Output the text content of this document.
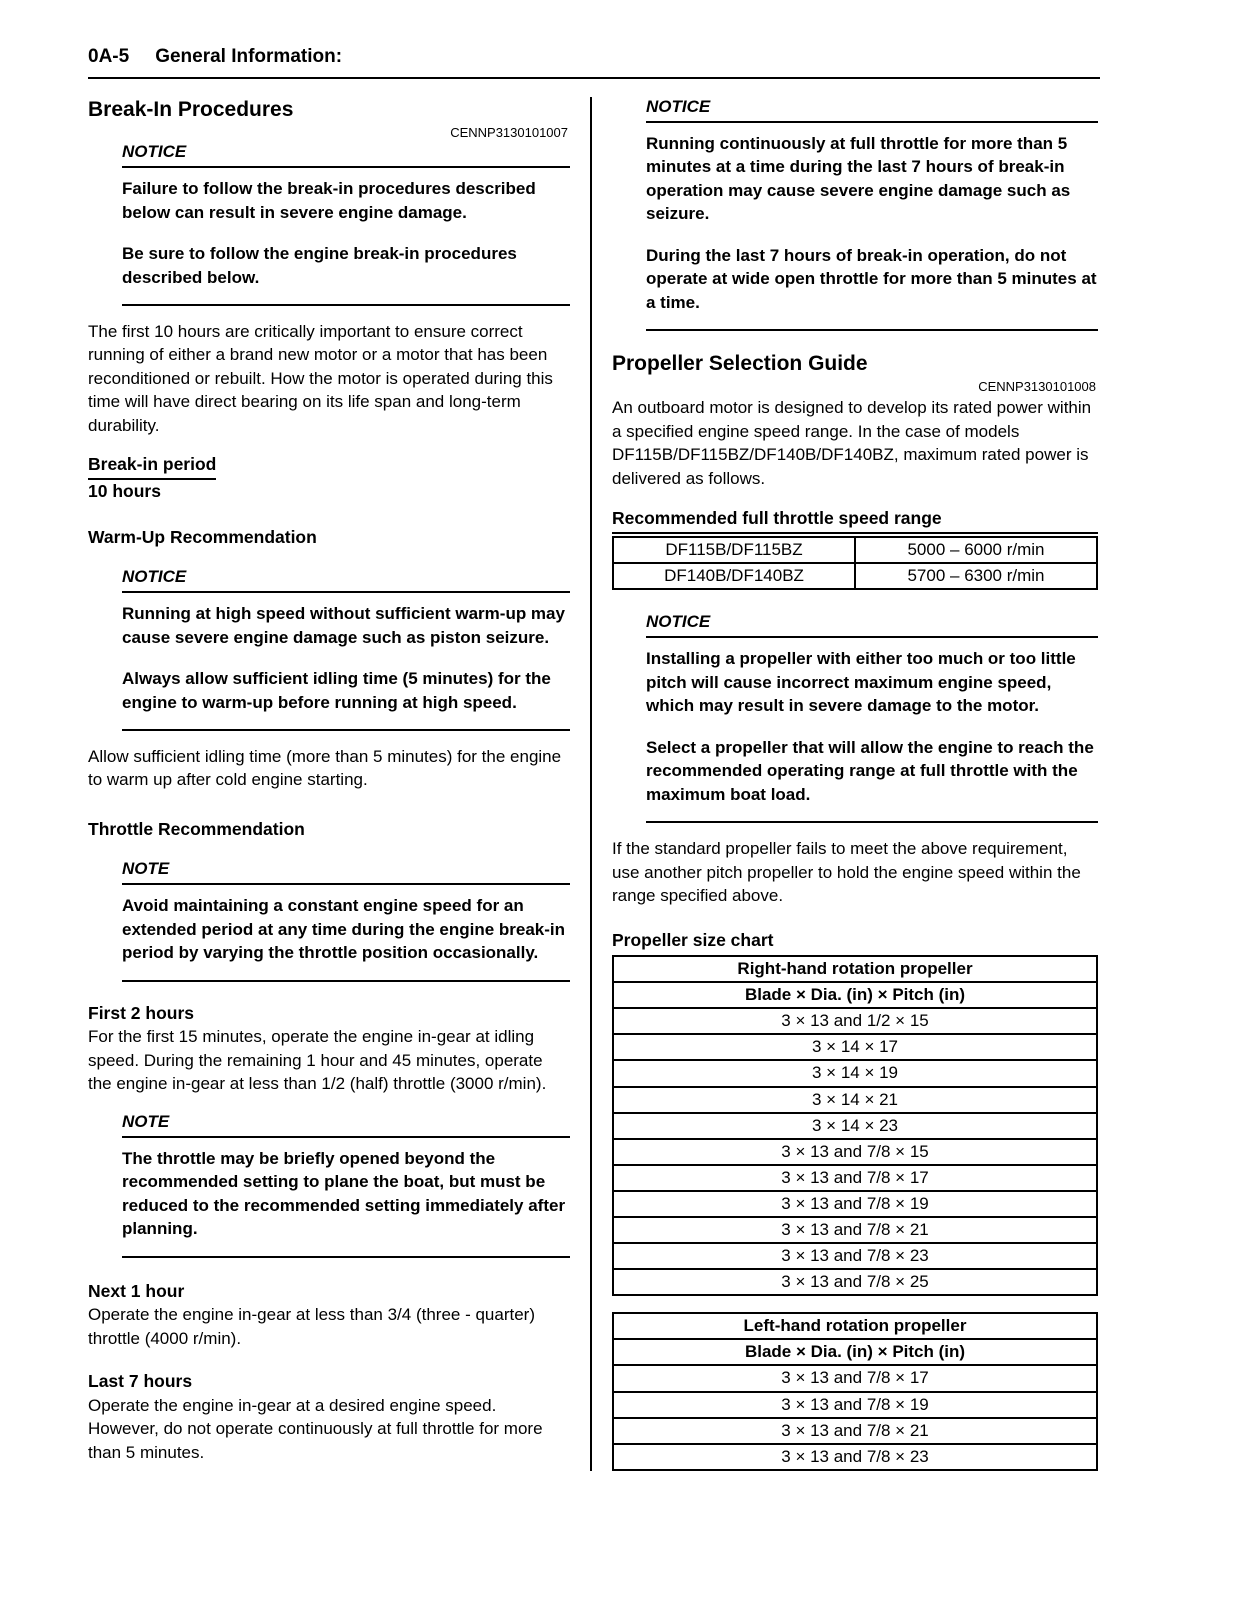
0A-5 General Information:
Break-In Procedures
CENNP3130101007
NOTICE

Failure to follow the break-in procedures described below can result in severe engine damage.

Be sure to follow the engine break-in procedures described below.

The first 10 hours are critically important to ensure correct running of either a brand new motor or a motor that has been reconditioned or rebuilt. How the motor is operated during this time will have direct bearing on its life span and long-term durability.

Break-in period
10 hours
Warm-Up Recommendation
NOTICE

Running at high speed without sufficient warm-up may cause severe engine damage such as piston seizure.

Always allow sufficient idling time (5 minutes) for the engine to warm-up before running at high speed.

Allow sufficient idling time (more than 5 minutes) for the engine to warm up after cold engine starting.

Throttle Recommendation
NOTE

Avoid maintaining a constant engine speed for an extended period at any time during the engine break-in period by varying the throttle position occasionally.

First 2 hours

For the first 15 minutes, operate the engine in-gear at idling speed. During the remaining 1 hour and 45 minutes, operate the engine in-gear at less than 1/2 (half) throttle (3000 r/min).

NOTE

The throttle may be briefly opened beyond the recommended setting to plane the boat, but must be reduced to the recommended setting immediately after planning.

Next 1 hour

Operate the engine in-gear at less than 3/4 (three - quarter) throttle (4000 r/min).

Last 7 hours

Operate the engine in-gear at a desired engine speed. However, do not operate continuously at full throttle for more than 5 minutes.

NOTICE

Running continuously at full throttle for more than 5 minutes at a time during the last 7 hours of break-in operation may cause severe engine damage such as seizure.

During the last 7 hours of break-in operation, do not operate at wide open throttle for more than 5 minutes at a time.

Propeller Selection Guide
CENNP3130101008

An outboard motor is designed to develop its rated power within a specified engine speed range. In the case of models DF115B/DF115BZ/DF140B/DF140BZ, maximum rated power is delivered as follows.

Recommended full throttle speed range
DF115B/DF115BZ	5000 – 6000 r/min
DF140B/DF140BZ	5700 – 6300 r/min
NOTICE

Installing a propeller with either too much or too little pitch will cause incorrect maximum engine speed, which may result in severe damage to the motor.

Select a propeller that will allow the engine to reach the recommended operating range at full throttle with the maximum boat load.

If the standard propeller fails to meet the above requirement, use another pitch propeller to hold the engine speed within the range specified above.

Propeller size chart
Right-hand rotation propeller
Blade × Dia. (in) × Pitch (in)
3 × 13 and 1/2 × 15
3 × 14 × 17
3 × 14 × 19
3 × 14 × 21
3 × 14 × 23
3 × 13 and 7/8 × 15
3 × 13 and 7/8 × 17
3 × 13 and 7/8 × 19
3 × 13 and 7/8 × 21
3 × 13 and 7/8 × 23
3 × 13 and 7/8 × 25
Left-hand rotation propeller
Blade × Dia. (in) × Pitch (in)
3 × 13 and 7/8 × 17
3 × 13 and 7/8 × 19
3 × 13 and 7/8 × 21
3 × 13 and 7/8 × 23
